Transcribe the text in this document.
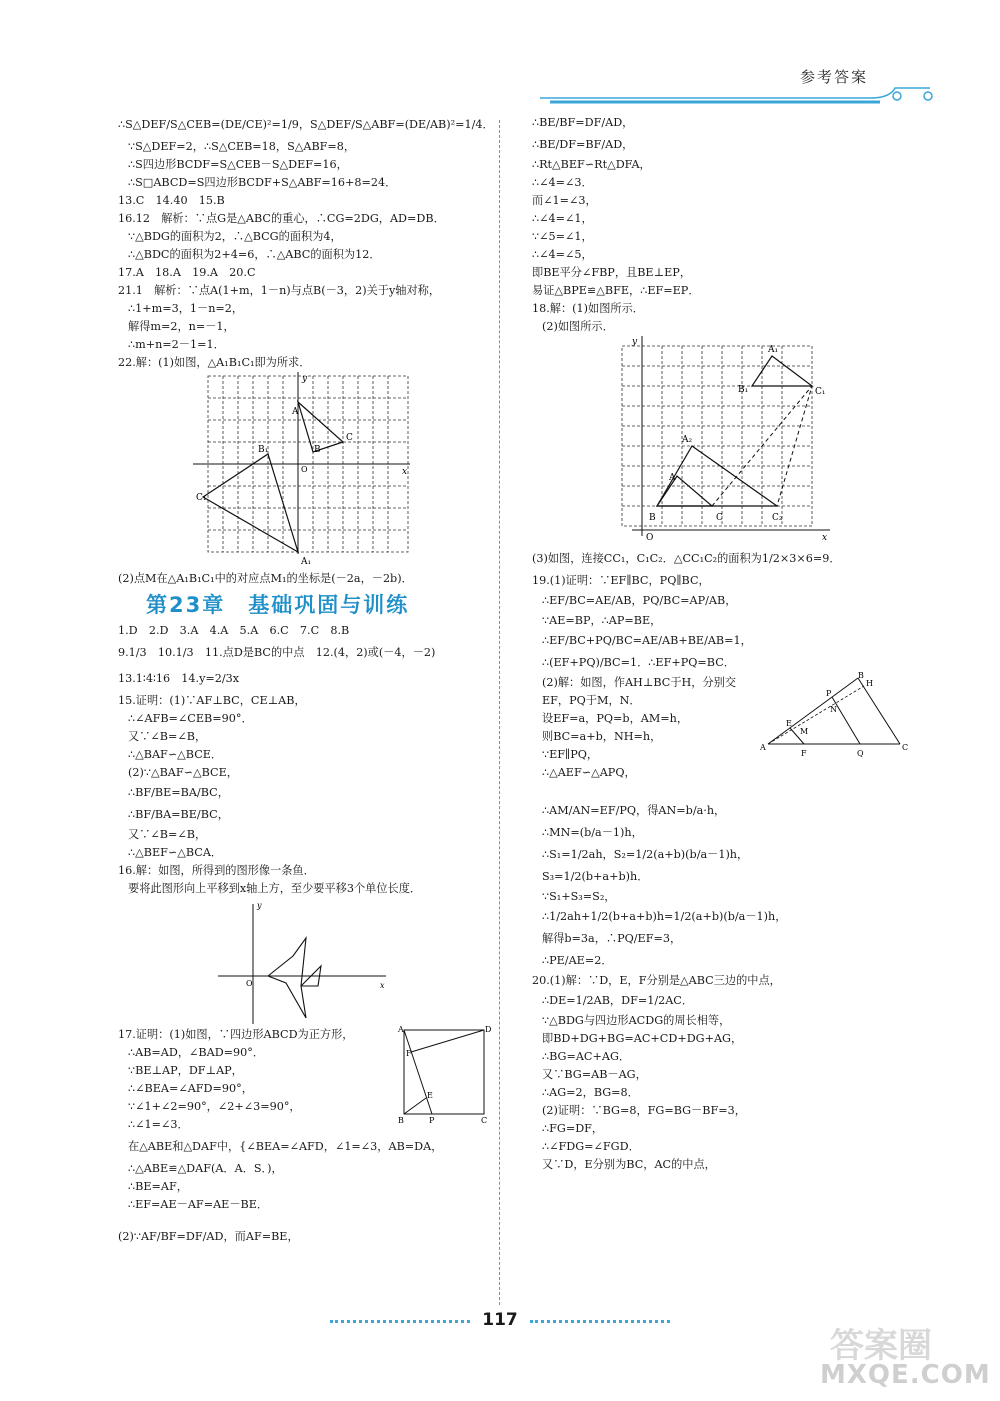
参考答案
∴S△DEF/S△CEB=(DE/CE)²=1/9，S△DEF/S△ABF=(DE/AB)²=1/4．
∵S△DEF=2，∴S△CEB=18，S△ABF=8，
∴S四边形BCDF=S△CEB－S△DEF=16，
∴S□ABCD=S四边形BCDF+S△ABF=16+8=24．
13.C　14.40　15.B
16.12　解析：∵点G是△ABC的重心，∴CG=2DG，AD=DB．
∵△BDG的面积为2，∴△BCG的面积为4，
∴△BDC的面积为2+4=6，∴△ABC的面积为12．
17.A　18.A　19.A　20.C
21.1　解析：∵点A(1+m，1－n)与点B(－3，2)关于y轴对称，
∴1+m=3，1－n=2，
解得m=2，n=－1，
∴m+n=2－1=1．
22.解：(1)如图，△A₁B₁C₁即为所求．
A
C
B
B₁
C₁
A₁
O	x
y
(2)点M在△A₁B₁C₁中的对应点M₁的坐标是(－2a，－2b)．
第23章　基础巩固与训练
1.D　2.D　3.A　4.A　5.A　6.C　7.C　8.B
9.1/3　10.1/3　11.点D是BC的中点　12.(4，2)或(－4，－2)
13.1∶4∶16　14.y=2/3x
15.证明：(1)∵AF⊥BC，CE⊥AB，
∴∠AFB=∠CEB=90°．
又∵∠B=∠B，
∴△BAF∽△BCE．
(2)∵△BAF∽△BCE，
∴BF/BE=BA/BC，
∴BF/BA=BE/BC，
又∵∠B=∠B，
∴△BEF∽△BCA．
16.解：如图，所得到的图形像一条鱼．
要将此图形向上平移到x轴上方，至少要平移3个单位长度．
x
y
O
17.证明：(1)如图，∵四边形ABCD为正方形，
∴AB=AD，∠BAD=90°．
∵BE⊥AP，DF⊥AP，
∴∠BEA=∠AFD=90°，
∵∠1+∠2=90°，∠2+∠3=90°，
∴∠1=∠3．
在△ABE和△DAF中，{∠BEA=∠AFD，∠1=∠3，AB=DA，
∴△ABE≌△DAF(A．A．S．)，
∴BE=AF，
∴EF=AE－AF=AE－BE．
A	D
B	C
P
E
F
(2)∵AF/BF=DF/AD，而AF=BE，
∴BE/BF=DF/AD，
∴BE/DF=BF/AD，
∴Rt△BEF∽Rt△DFA，
∴∠4=∠3．
而∠1=∠3，
∴∠4=∠1，
∵∠5=∠1，
∴∠4=∠5，
即BE平分∠FBP，且BE⊥EP，
易证△BPE≌△BFE，∴EF=EP．
18.解：(1)如图所示．
(2)如图所示．
A₁
B₁	C₁
A₂
A
B	C	C₂
O	x
y
(3)如图，连接CC₁，C₁C₂．△CC₁C₂的面积为1/2×3×6=9．
19.(1)证明：∵EF∥BC，PQ∥BC，
∴EF/BC=AE/AB，PQ/BC=AP/AB，
∵AE=BP，∴AP=BE，
∴EF/BC+PQ/BC=AE/AB+BE/AB=1，
∴(EF+PQ)/BC=1．∴EF+PQ=BC．
(2)解：如图，作AH⊥BC于H，分别交
EF，PQ于M，N．
设EF=a，PQ=b，AM=h，
则BC=a+b，NH=h，
∵EF∥PQ，
∴△AEF∽△APQ，
A
B
H
C
E
F
P
Q
M
N
∴AM/AN=EF/PQ，得AN=b/a·h，
∴MN=(b/a－1)h，
∴S₁=1/2ah，S₂=1/2(a+b)(b/a－1)h，
S₃=1/2(b+a+b)h．
∵S₁+S₃=S₂，
∴1/2ah+1/2(b+a+b)h=1/2(a+b)(b/a－1)h，
解得b=3a，∴PQ/EF=3，
∴PE/AE=2．
20.(1)解：∵D，E，F分别是△ABC三边的中点，
∴DE=1/2AB，DF=1/2AC．
∵△BDG与四边形ACDG的周长相等，
即BD+DG+BG=AC+CD+DG+AG，
∴BG=AC+AG．
又∵BG=AB－AG，
∴AG=2，BG=8．
(2)证明：∵BG=8，FG=BG－BF=3，
∴FG=DF，
∴∠FDG=∠FGD．
又∵D，E分别为BC，AC的中点，
117
答案圈
MXQE.COM
